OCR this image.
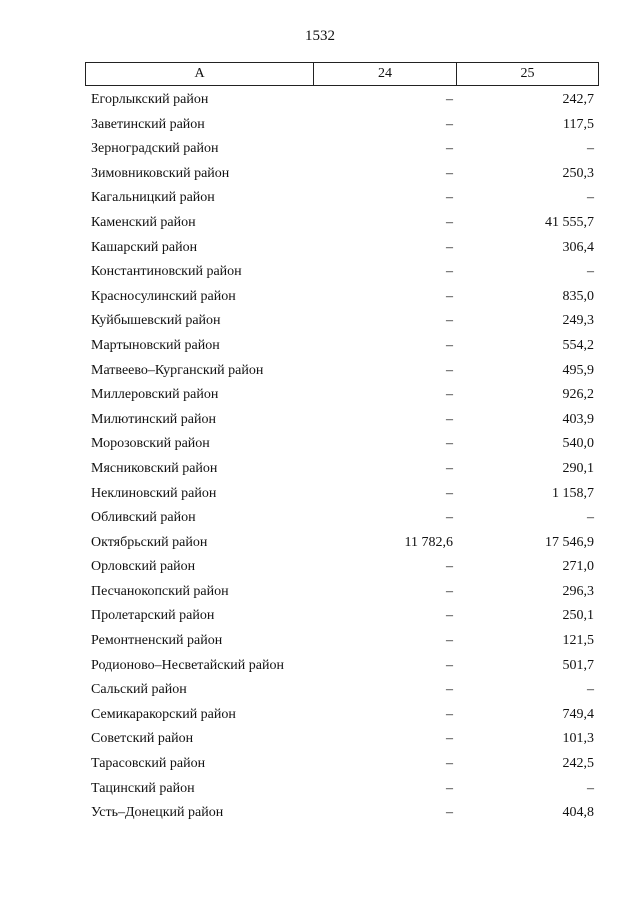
1532
А	24	25
Егорлыкский район	–	242,7
Заветинский район	–	117,5
Зерноградский район	–	–
Зимовниковский район	–	250,3
Кагальницкий район	–	–
Каменский район	–	41 555,7
Кашарский район	–	306,4
Константиновский район	–	–
Красносулинский район	–	835,0
Куйбышевский район	–	249,3
Мартыновский район	–	554,2
Матвеево–Курганский район	–	495,9
Миллеровский район	–	926,2
Милютинский район	–	403,9
Морозовский район	–	540,0
Мясниковский район	–	290,1
Неклиновский район	–	1 158,7
Обливский район	–	–
Октябрьский район	11 782,6	17 546,9
Орловский район	–	271,0
Песчанокопский район	–	296,3
Пролетарский район	–	250,1
Ремонтненский район	–	121,5
Родионово–Несветайский район	–	501,7
Сальский район	–	–
Семикаракорский район	–	749,4
Советский район	–	101,3
Тарасовский район	–	242,5
Тацинский район	–	–
Усть–Донецкий район	–	404,8
